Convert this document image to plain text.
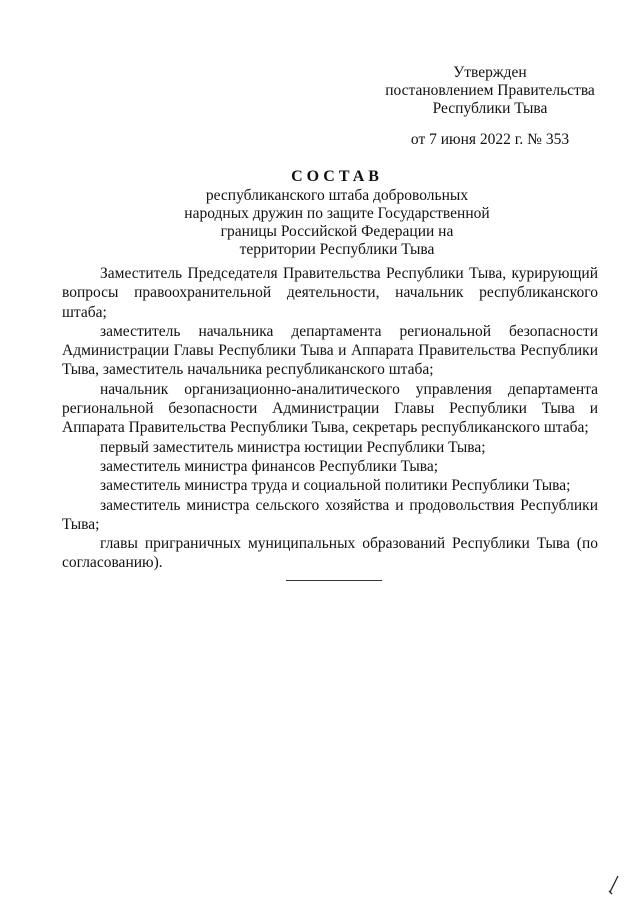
Утвержден
постановлением Правительства
Республики Тыва
от 7 июня 2022 г. № 353
СОСТАВ
республиканского штаба добровольных
народных дружин по защите Государственной
границы Российской Федерации на
территории Республики Тыва

Заместитель Председателя Правительства Республики Тыва, курирующий вопросы правоохранительной деятельности, начальник республиканского штаба;

заместитель начальника департамента региональной безопасности Администрации Главы Республики Тыва и Аппарата Правительства Республики Тыва, заместитель начальника республиканского штаба;

начальник организационно-аналитического управления департамента региональной безопасности Администрации Главы Республики Тыва и Аппарата Правительства Республики Тыва, секретарь республиканского штаба;

первый заместитель министра юстиции Республики Тыва;

заместитель министра финансов Республики Тыва;

заместитель министра труда и социальной политики Республики Тыва;

заместитель министра сельского хозяйства и продовольствия Республики Тыва;

главы приграничных муниципальных образований Республики Тыва (по согласованию).
